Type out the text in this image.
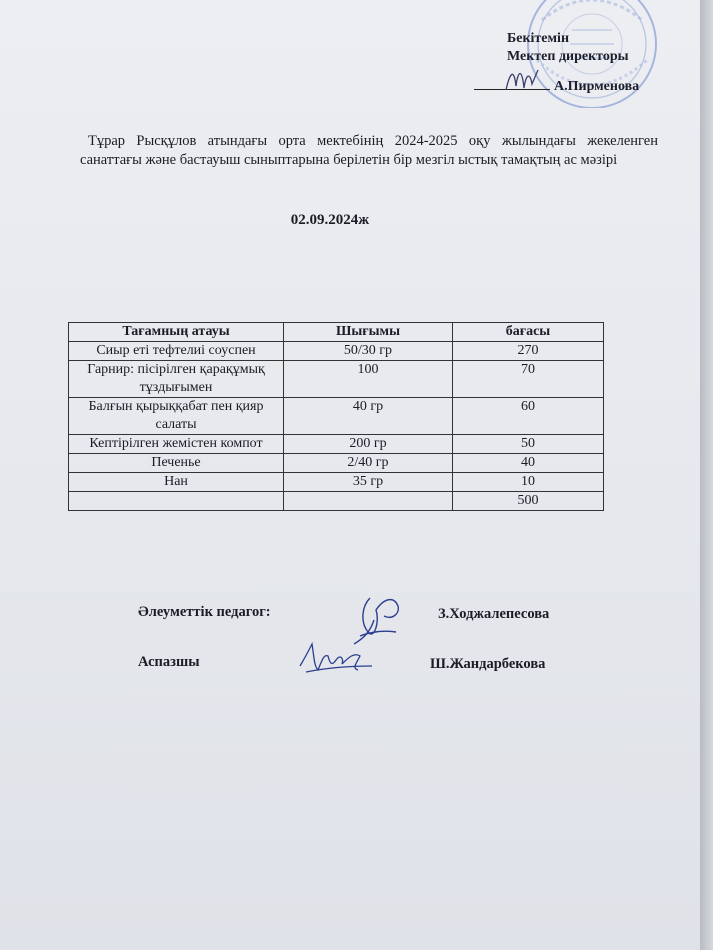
Бекітемін
Мектеп директоры
А.Пирменова
Тұрар Рысқұлов атындағы орта мектебінің 2024-2025 оқу жылындағы жекеленген санаттағы және бастауыш сыныптарына берілетін бір мезгіл ыстық тамақтың ас мәзірі
02.09.2024ж
Тағамның атауы	Шығымы	бағасы
Сиыр еті тефтелиі соуспен	50/30 гр	270
Гарнир: пісірілген қарақұмық тұздығымен	100	70
Балғын қырыққабат пен қияр салаты	40 гр	60
Кептірілген жемістен компот	200 гр	50
Печенье	2/40 гр	40
Нан	35 гр	10
		500
Әлеуметтік педагог:	З.Ходжалепесова
Аспазшы	Ш.Жандарбекова
